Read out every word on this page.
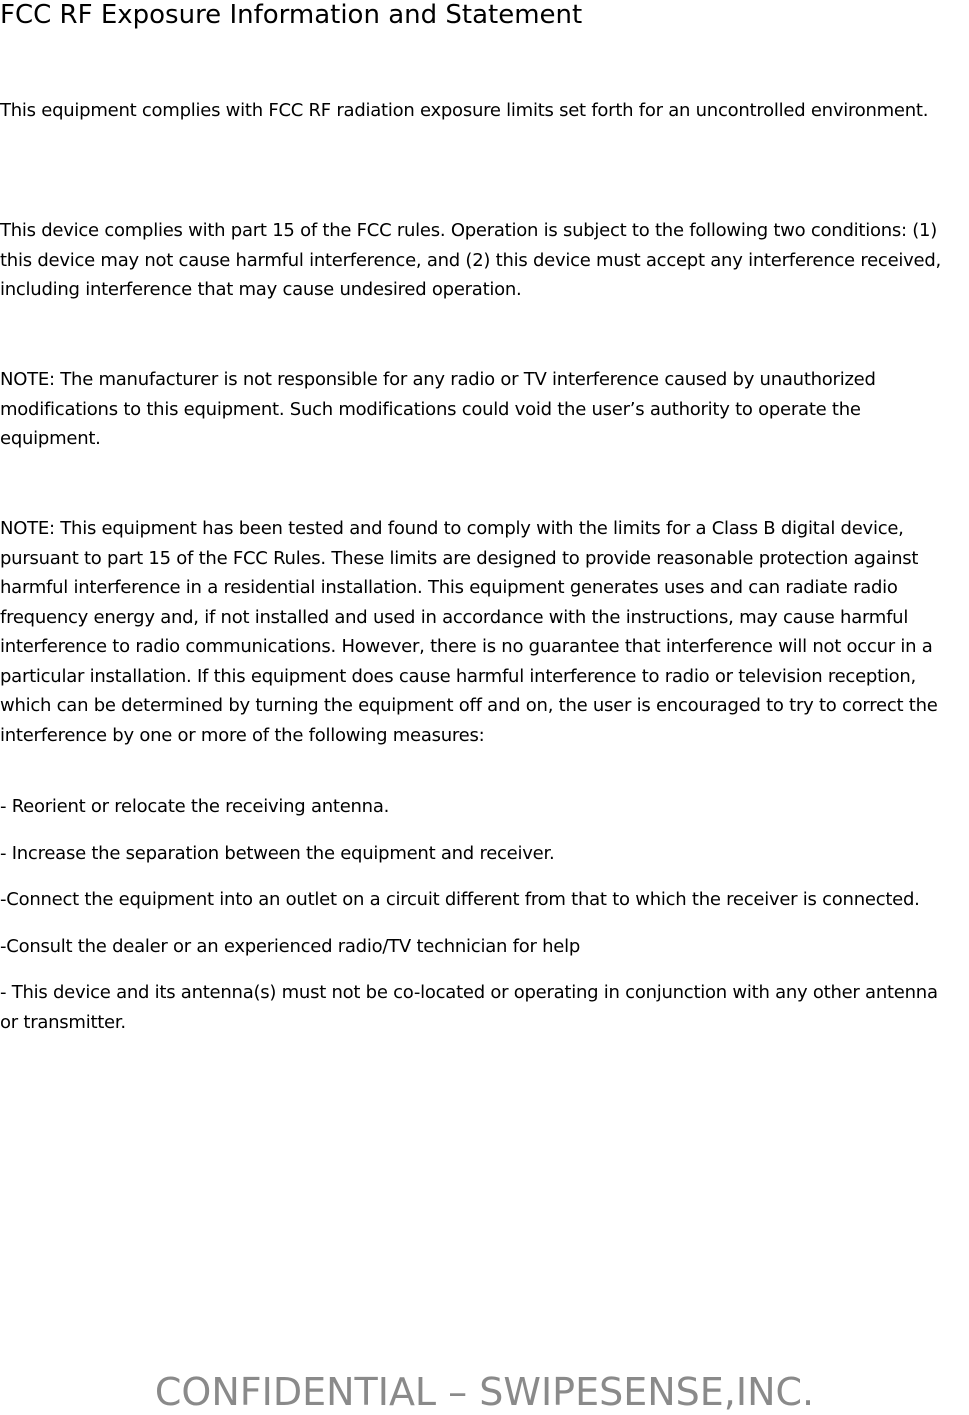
FCC RF Exposure Information and Statement

This equipment complies with FCC RF radiation exposure limits set forth for an uncontrolled environment.

This device complies with part 15 of the FCC rules. Operation is subject to the following two conditions: (1) this device may not cause harmful interference, and (2) this device must accept any interference received, including interference that may cause undesired operation.

NOTE: The manufacturer is not responsible for any radio or TV interference caused by unauthorized modifications to this equipment. Such modifications could void the user’s authority to operate the equipment.

NOTE: This equipment has been tested and found to comply with the limits for a Class B digital device, pursuant to part 15 of the FCC Rules. These limits are designed to provide reasonable protection against harmful interference in a residential installation. This equipment generates uses and can radiate radio frequency energy and, if not installed and used in accordance with the instructions, may cause harmful interference to radio communications. However, there is no guarantee that interference will not occur in a particular installation. If this equipment does cause harmful interference to radio or television reception, which can be determined by turning the equipment off and on, the user is encouraged to try to correct the interference by one or more of the following measures:

- Reorient or relocate the receiving antenna.
- Increase the separation between the equipment and receiver.
-Connect the equipment into an outlet on a circuit different from that to which the receiver is connected.
-Consult the dealer or an experienced radio/TV technician for help
- This device and its antenna(s) must not be co-located or operating in conjunction with any other antenna or transmitter.
CONFIDENTIAL – SWIPESENSE,INC.
